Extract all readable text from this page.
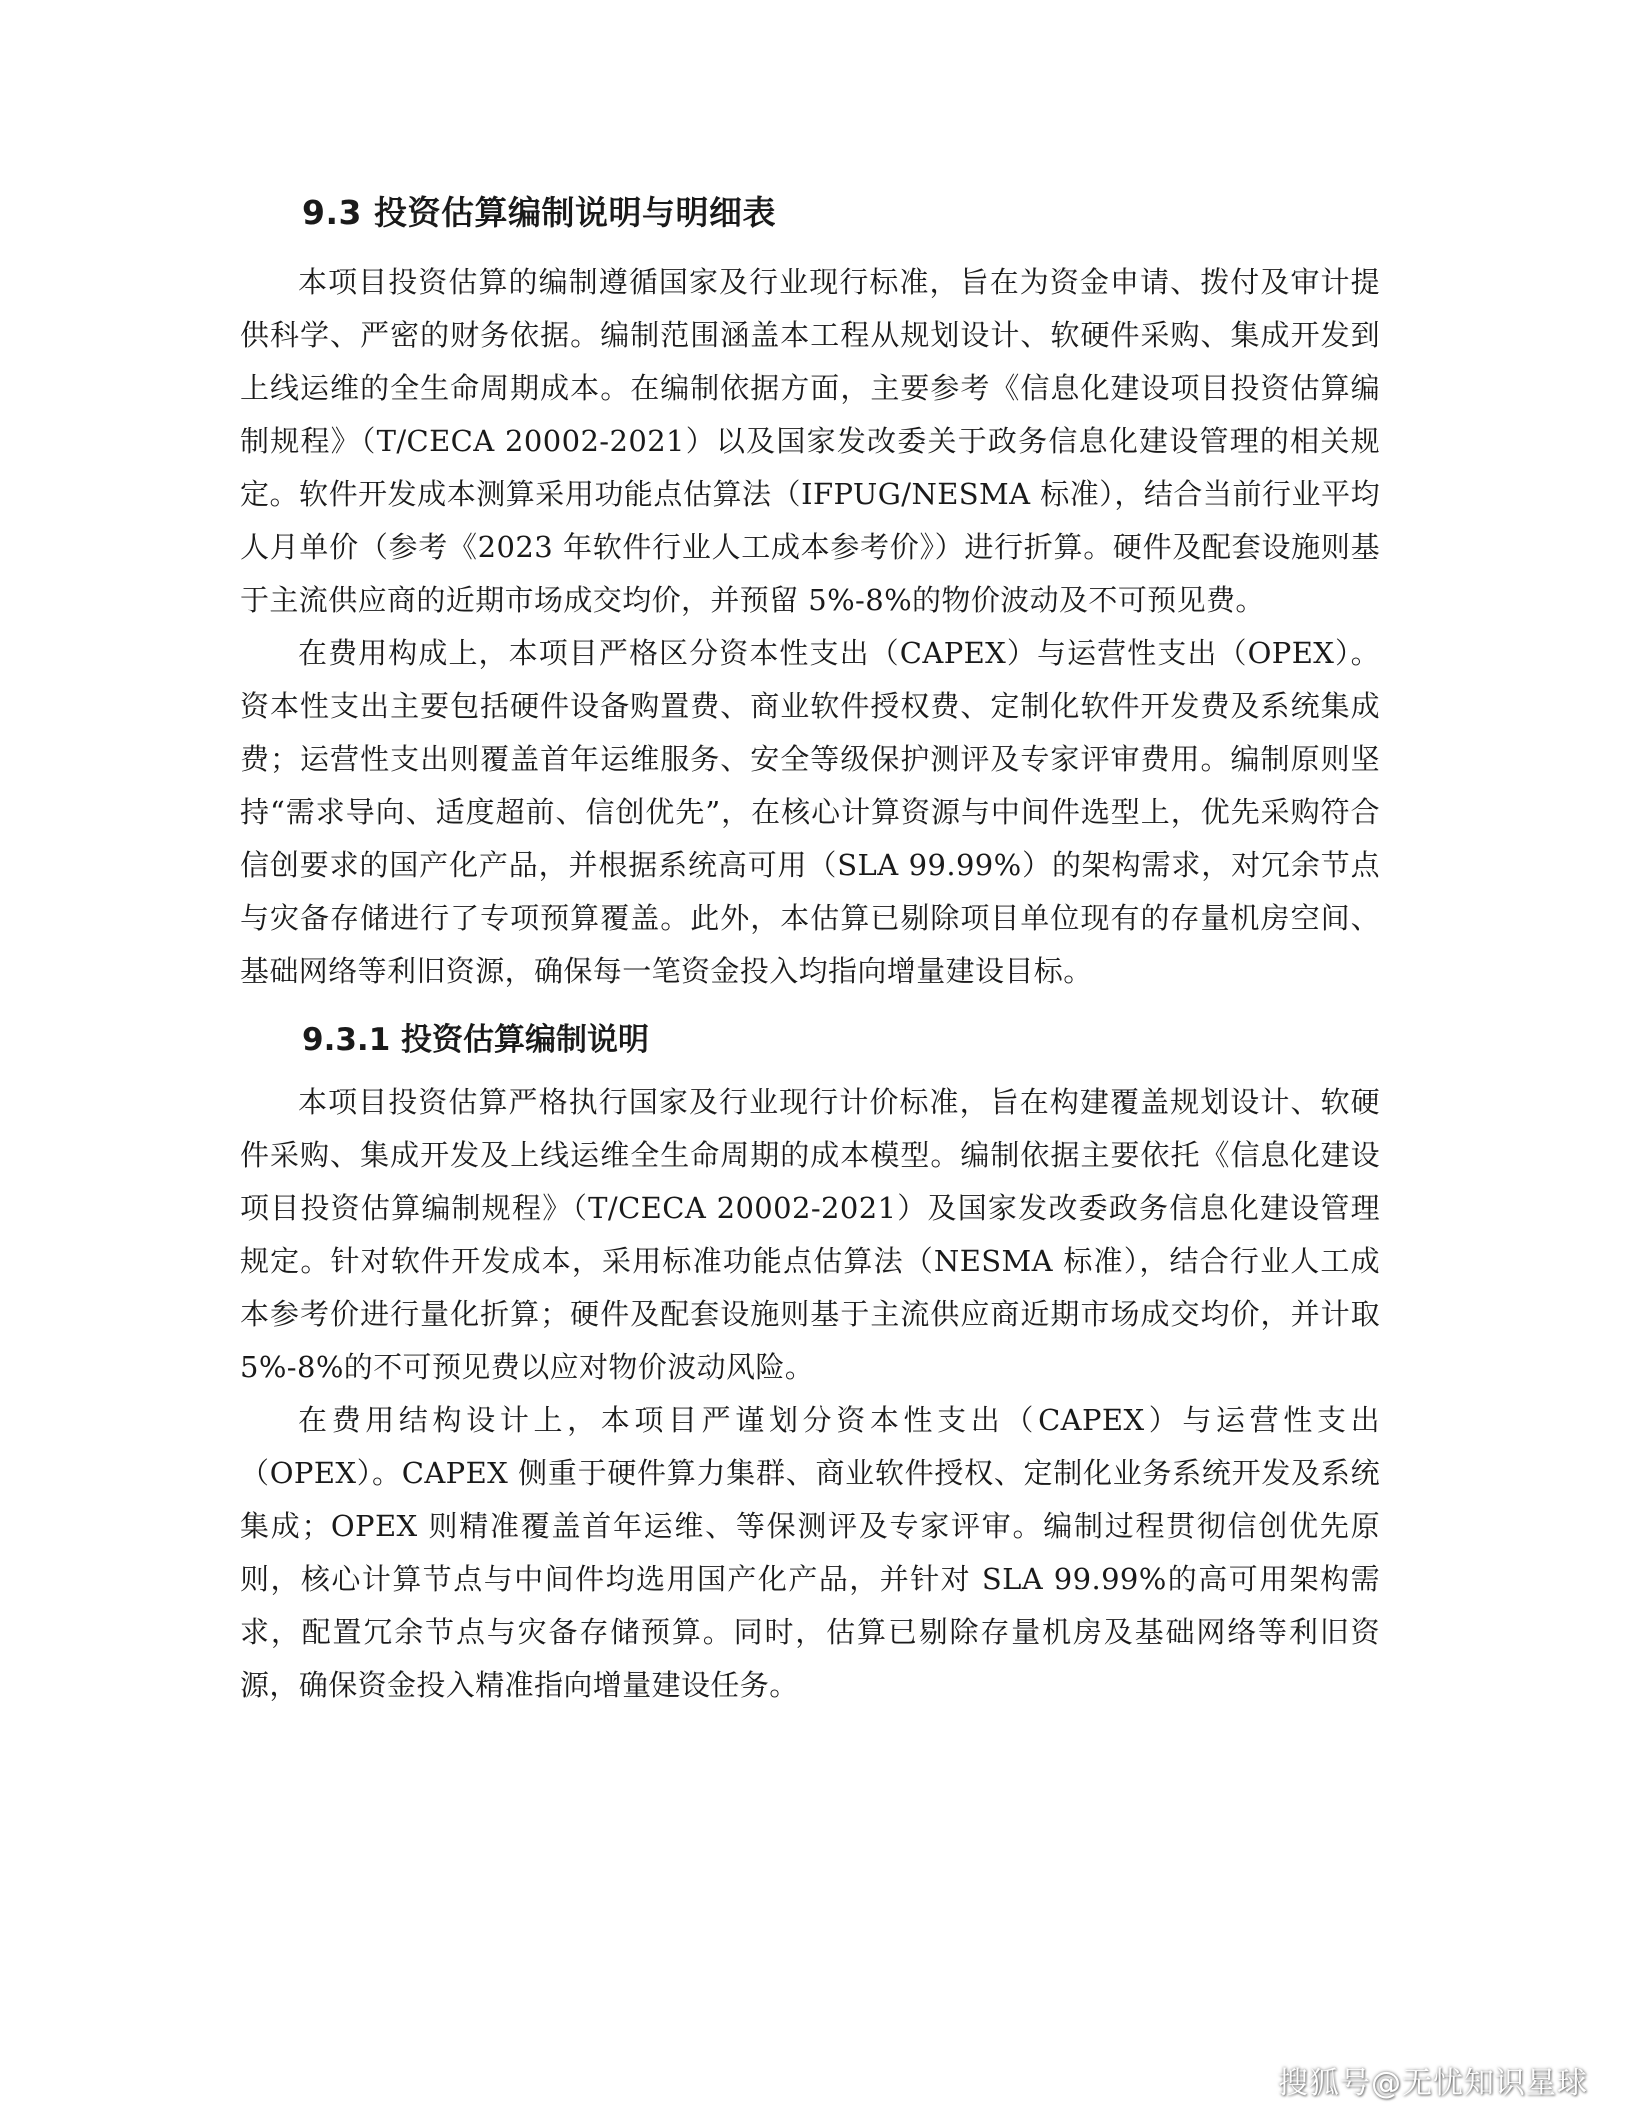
9.3 投资估算编制说明与明细表

本项目投资估算的编制遵循国家及行业现行标准，旨在为资金申请、拨付及审计提供科学、严密的财务依据。编制范围涵盖本工程从规划设计、软硬件采购、集成开发到上线运维的全生命周期成本。在编制依据方面，主要参考《信息化建设项目投资估算编制规程》（T/CECA 20002-2021）以及国家发改委关于政务信息化建设管理的相关规定。软件开发成本测算采用功能点估算法（IFPUG/NESMA 标准），结合当前行业平均人月单价（参考《2023 年软件行业人工成本参考价》）进行折算。硬件及配套设施则基于主流供应商的近期市场成交均价，并预留 5%-8%的物价波动及不可预见费。

在费用构成上，本项目严格区分资本性支出（CAPEX）与运营性支出（OPEX）。资本性支出主要包括硬件设备购置费、商业软件授权费、定制化软件开发费及系统集成费；运营性支出则覆盖首年运维服务、安全等级保护测评及专家评审费用。编制原则坚持“需求导向、适度超前、信创优先”，在核心计算资源与中间件选型上，优先采购符合信创要求的国产化产品，并根据系统高可用（SLA 99.99%）的架构需求，对冗余节点与灾备存储进行了专项预算覆盖。此外，本估算已剔除项目单位现有的存量机房空间、基础网络等利旧资源，确保每一笔资金投入均指向增量建设目标。

9.3.1 投资估算编制说明

本项目投资估算严格执行国家及行业现行计价标准，旨在构建覆盖规划设计、软硬件采购、集成开发及上线运维全生命周期的成本模型。编制依据主要依托《信息化建设项目投资估算编制规程》（T/CECA 20002-2021）及国家发改委政务信息化建设管理规定。针对软件开发成本，采用标准功能点估算法（NESMA 标准），结合行业人工成本参考价进行量化折算；硬件及配套设施则基于主流供应商近期市场成交均价，并计取 5%-8%的不可预见费以应对物价波动风险。

在费用结构设计上，本项目严谨划分资本性支出（CAPEX）与运营性支出（OPEX）。CAPEX 侧重于硬件算力集群、商业软件授权、定制化业务系统开发及系统集成；OPEX 则精准覆盖首年运维、等保测评及专家评审。编制过程贯彻信创优先原则，核心计算节点与中间件均选用国产化产品，并针对 SLA 99.99%的高可用架构需求，配置冗余节点与灾备存储预算。同时，估算已剔除存量机房及基础网络等利旧资源，确保资金投入精准指向增量建设任务。

搜狐号@无忧知识星球
